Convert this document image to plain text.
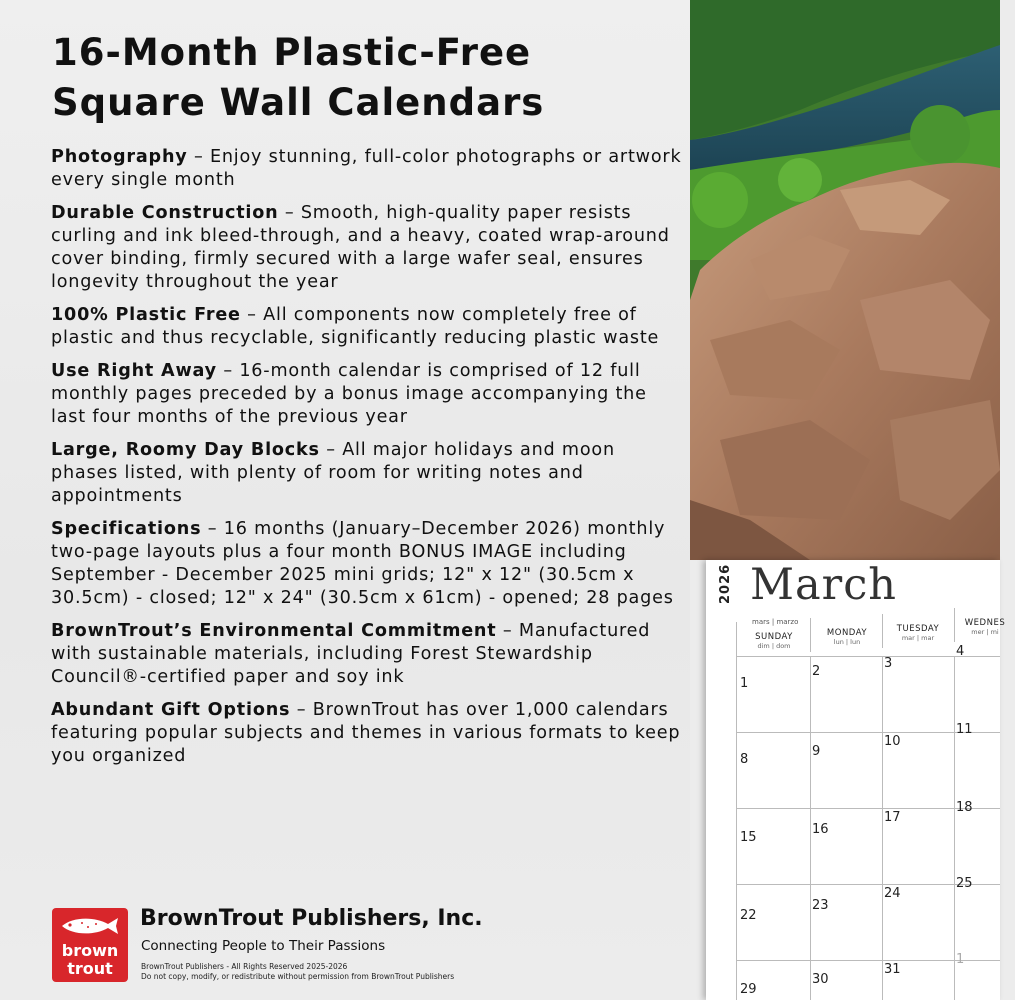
16-Month Plastic-Free
Square Wall Calendars

Photography – Enjoy stunning, full-color photographs or artwork every single month

Durable Construction – Smooth, high-quality paper resists curling and ink bleed-through, and a heavy, coated wrap-around cover binding, firmly secured with a large wafer seal, ensures longevity throughout the year

100% Plastic Free – All components now completely free of plastic and thus recyclable, significantly reducing plastic waste

Use Right Away – 16-month calendar is comprised of 12 full monthly pages preceded by a bonus image accompanying the last four months of the previous year

Large, Roomy Day Blocks – All major holidays and moon phases listed, with plenty of room for writing notes and appointments

Specifications – 16 months (January–December 2026) monthly two-page layouts plus a four month BONUS IMAGE including September - December 2025 mini grids; 12" x 12" (30.5cm x 30.5cm) - closed; 12" x 24" (30.5cm x 61cm) - opened; 28 pages

BrownTrout’s Environmental Commitment – Manufactured with sustainable materials, including Forest Stewardship Council®-certified paper and soy ink

Abundant Gift Options – BrownTrout has over 1,000 calendars featuring popular subjects and themes in various formats to keep you organized

brown
trout
BrownTrout Publishers, Inc.
Connecting People to Their Passions
BrownTrout Publishers - All Rights Reserved 2025-2026
Do not copy, modify, or redistribute without permission from BrownTrout Publishers
2026 March
mars | marzo
SUNDAY
dim | dom
MONDAY
lun | lun
TUESDAY
mar | mar
WEDNES
mer | mi
1
2
3
4
8
9
10
11
15
16
17
18
22
23
24
25
29
30
31
1
